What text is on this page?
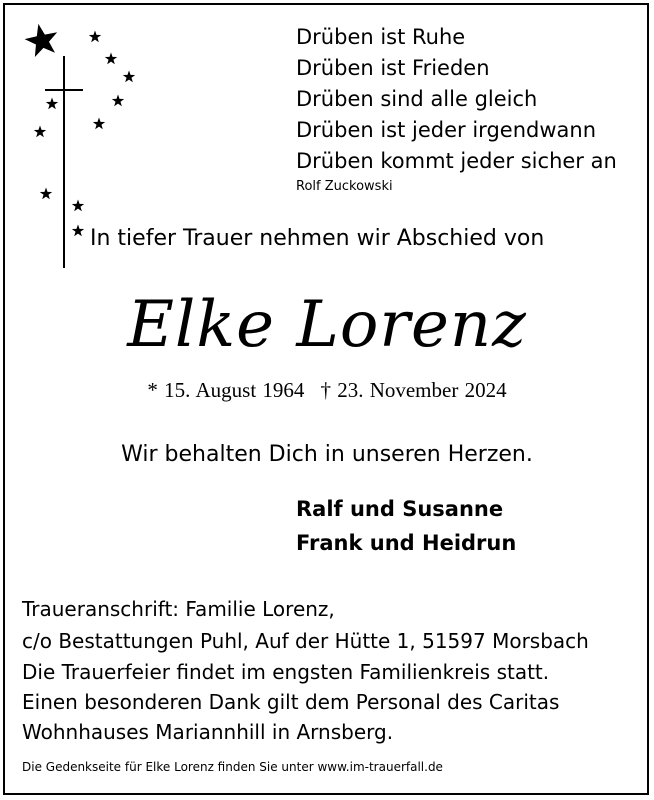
Drüben ist Ruhe
Drüben ist Frieden
Drüben sind alle gleich
Drüben ist jeder irgendwann
Drüben kommt jeder sicher an
Rolf Zuckowski
In tiefer Trauer nehmen wir Abschied von
Elke Lorenz
* 15. August 1964 † 23. November 2024
Wir behalten Dich in unseren Herzen.
Ralf und Susanne
Frank und Heidrun
Traueranschrift: Familie Lorenz,
c/o Bestattungen Puhl, Auf der Hütte 1, 51597 Morsbach
Die Trauerfeier findet im engsten Familienkreis statt.
Einen besonderen Dank gilt dem Personal des Caritas
Wohnhauses Mariannhill in Arnsberg.
Die Gedenkseite für Elke Lorenz finden Sie unter www.im-trauerfall.de
